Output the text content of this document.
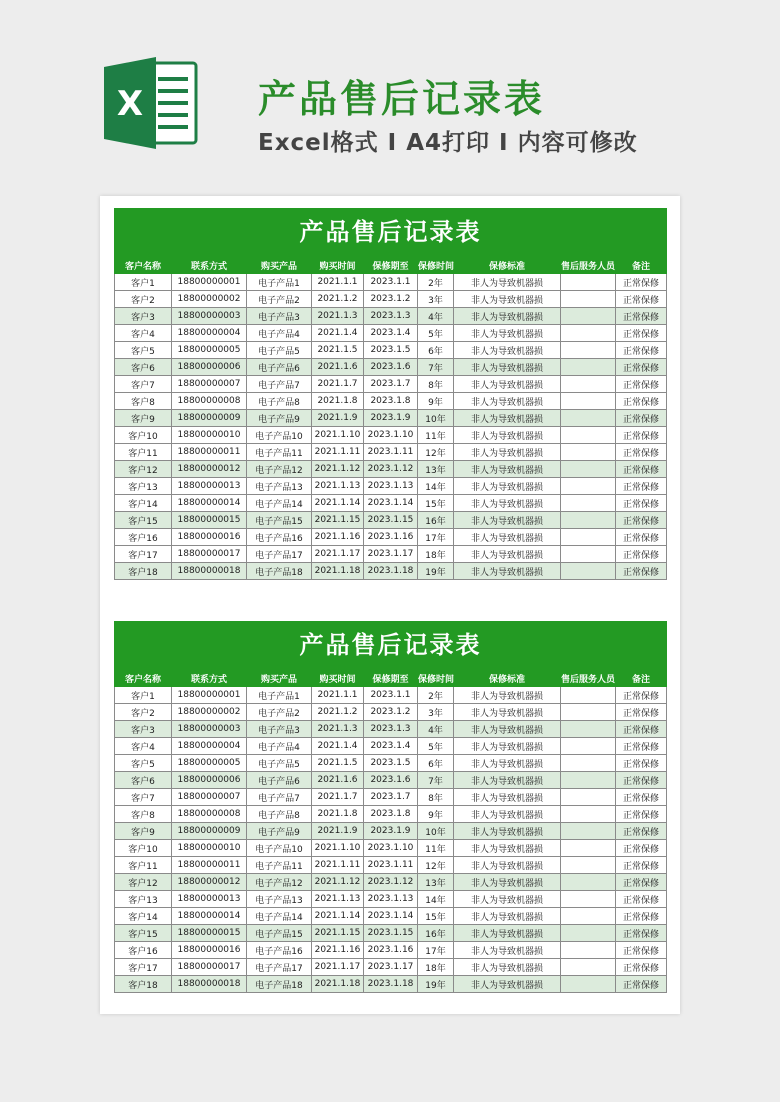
X	产品售后记录表
Excel格式 I A4打印 I 内容可修改
产品售后记录表
客户名称	联系方式	购买产品	购买时间	保修期至	保修时间	保修标准	售后服务人员	备注
客户1	18800000001	电子产品1	2021.1.1	2023.1.1	2年	非人为导致机器损		正常保修
客户2	18800000002	电子产品2	2021.1.2	2023.1.2	3年	非人为导致机器损		正常保修
客户3	18800000003	电子产品3	2021.1.3	2023.1.3	4年	非人为导致机器损		正常保修
客户4	18800000004	电子产品4	2021.1.4	2023.1.4	5年	非人为导致机器损		正常保修
客户5	18800000005	电子产品5	2021.1.5	2023.1.5	6年	非人为导致机器损		正常保修
客户6	18800000006	电子产品6	2021.1.6	2023.1.6	7年	非人为导致机器损		正常保修
客户7	18800000007	电子产品7	2021.1.7	2023.1.7	8年	非人为导致机器损		正常保修
客户8	18800000008	电子产品8	2021.1.8	2023.1.8	9年	非人为导致机器损		正常保修
客户9	18800000009	电子产品9	2021.1.9	2023.1.9	10年	非人为导致机器损		正常保修
客户10	18800000010	电子产品10	2021.1.10	2023.1.10	11年	非人为导致机器损		正常保修
客户11	18800000011	电子产品11	2021.1.11	2023.1.11	12年	非人为导致机器损		正常保修
客户12	18800000012	电子产品12	2021.1.12	2023.1.12	13年	非人为导致机器损		正常保修
客户13	18800000013	电子产品13	2021.1.13	2023.1.13	14年	非人为导致机器损		正常保修
客户14	18800000014	电子产品14	2021.1.14	2023.1.14	15年	非人为导致机器损		正常保修
客户15	18800000015	电子产品15	2021.1.15	2023.1.15	16年	非人为导致机器损		正常保修
客户16	18800000016	电子产品16	2021.1.16	2023.1.16	17年	非人为导致机器损		正常保修
客户17	18800000017	电子产品17	2021.1.17	2023.1.17	18年	非人为导致机器损		正常保修
客户18	18800000018	电子产品18	2021.1.18	2023.1.18	19年	非人为导致机器损		正常保修
产品售后记录表
客户名称	联系方式	购买产品	购买时间	保修期至	保修时间	保修标准	售后服务人员	备注
客户1	18800000001	电子产品1	2021.1.1	2023.1.1	2年	非人为导致机器损		正常保修
客户2	18800000002	电子产品2	2021.1.2	2023.1.2	3年	非人为导致机器损		正常保修
客户3	18800000003	电子产品3	2021.1.3	2023.1.3	4年	非人为导致机器损		正常保修
客户4	18800000004	电子产品4	2021.1.4	2023.1.4	5年	非人为导致机器损		正常保修
客户5	18800000005	电子产品5	2021.1.5	2023.1.5	6年	非人为导致机器损		正常保修
客户6	18800000006	电子产品6	2021.1.6	2023.1.6	7年	非人为导致机器损		正常保修
客户7	18800000007	电子产品7	2021.1.7	2023.1.7	8年	非人为导致机器损		正常保修
客户8	18800000008	电子产品8	2021.1.8	2023.1.8	9年	非人为导致机器损		正常保修
客户9	18800000009	电子产品9	2021.1.9	2023.1.9	10年	非人为导致机器损		正常保修
客户10	18800000010	电子产品10	2021.1.10	2023.1.10	11年	非人为导致机器损		正常保修
客户11	18800000011	电子产品11	2021.1.11	2023.1.11	12年	非人为导致机器损		正常保修
客户12	18800000012	电子产品12	2021.1.12	2023.1.12	13年	非人为导致机器损		正常保修
客户13	18800000013	电子产品13	2021.1.13	2023.1.13	14年	非人为导致机器损		正常保修
客户14	18800000014	电子产品14	2021.1.14	2023.1.14	15年	非人为导致机器损		正常保修
客户15	18800000015	电子产品15	2021.1.15	2023.1.15	16年	非人为导致机器损		正常保修
客户16	18800000016	电子产品16	2021.1.16	2023.1.16	17年	非人为导致机器损		正常保修
客户17	18800000017	电子产品17	2021.1.17	2023.1.17	18年	非人为导致机器损		正常保修
客户18	18800000018	电子产品18	2021.1.18	2023.1.18	19年	非人为导致机器损		正常保修
